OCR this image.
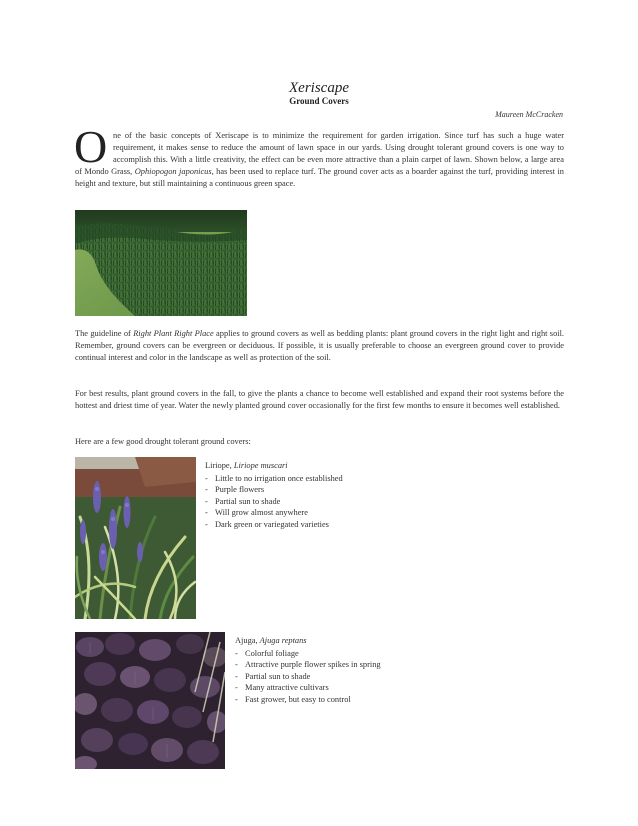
Xeriscape
Ground Covers
Maureen McCracken
O ne of the basic concepts of Xeriscape is to minimize the requirement for garden irrigation. Since turf has such a huge water requirement, it makes sense to reduce the amount of lawn space in our yards. Using drought tolerant ground covers is one way to accomplish this. With a little creativity, the effect can be even more attractive than a plain carpet of lawn. Shown below, a large area of Mondo Grass, Ophiopogon japonicus, has been used to replace turf. The ground cover acts as a boarder against the turf, providing interest in height and texture, but still maintaining a continuous green space.
The guideline of Right Plant Right Place applies to ground covers as well as bedding plants: plant ground covers in the right light and right soil. Remember, ground covers can be evergreen or deciduous. If possible, it is usually preferable to choose an evergreen ground cover to provide continual interest and color in the landscape as well as protection of the soil.
For best results, plant ground covers in the fall, to give the plants a chance to become well established and expand their root systems before the hottest and driest time of year. Water the newly planted ground cover occasionally for the first few months to ensure it becomes well established.
Here are a few good drought tolerant ground covers:
Liriope, Liriope muscari
- Little to no irrigation once established
- Purple flowers
- Partial sun to shade
- Will grow almost anywhere
- Dark green or variegated varieties
Ajuga, Ajuga reptans
- Colorful foliage
- Attractive purple flower spikes in spring
- Partial sun to shade
- Many attractive cultivars
- Fast grower, but easy to control
